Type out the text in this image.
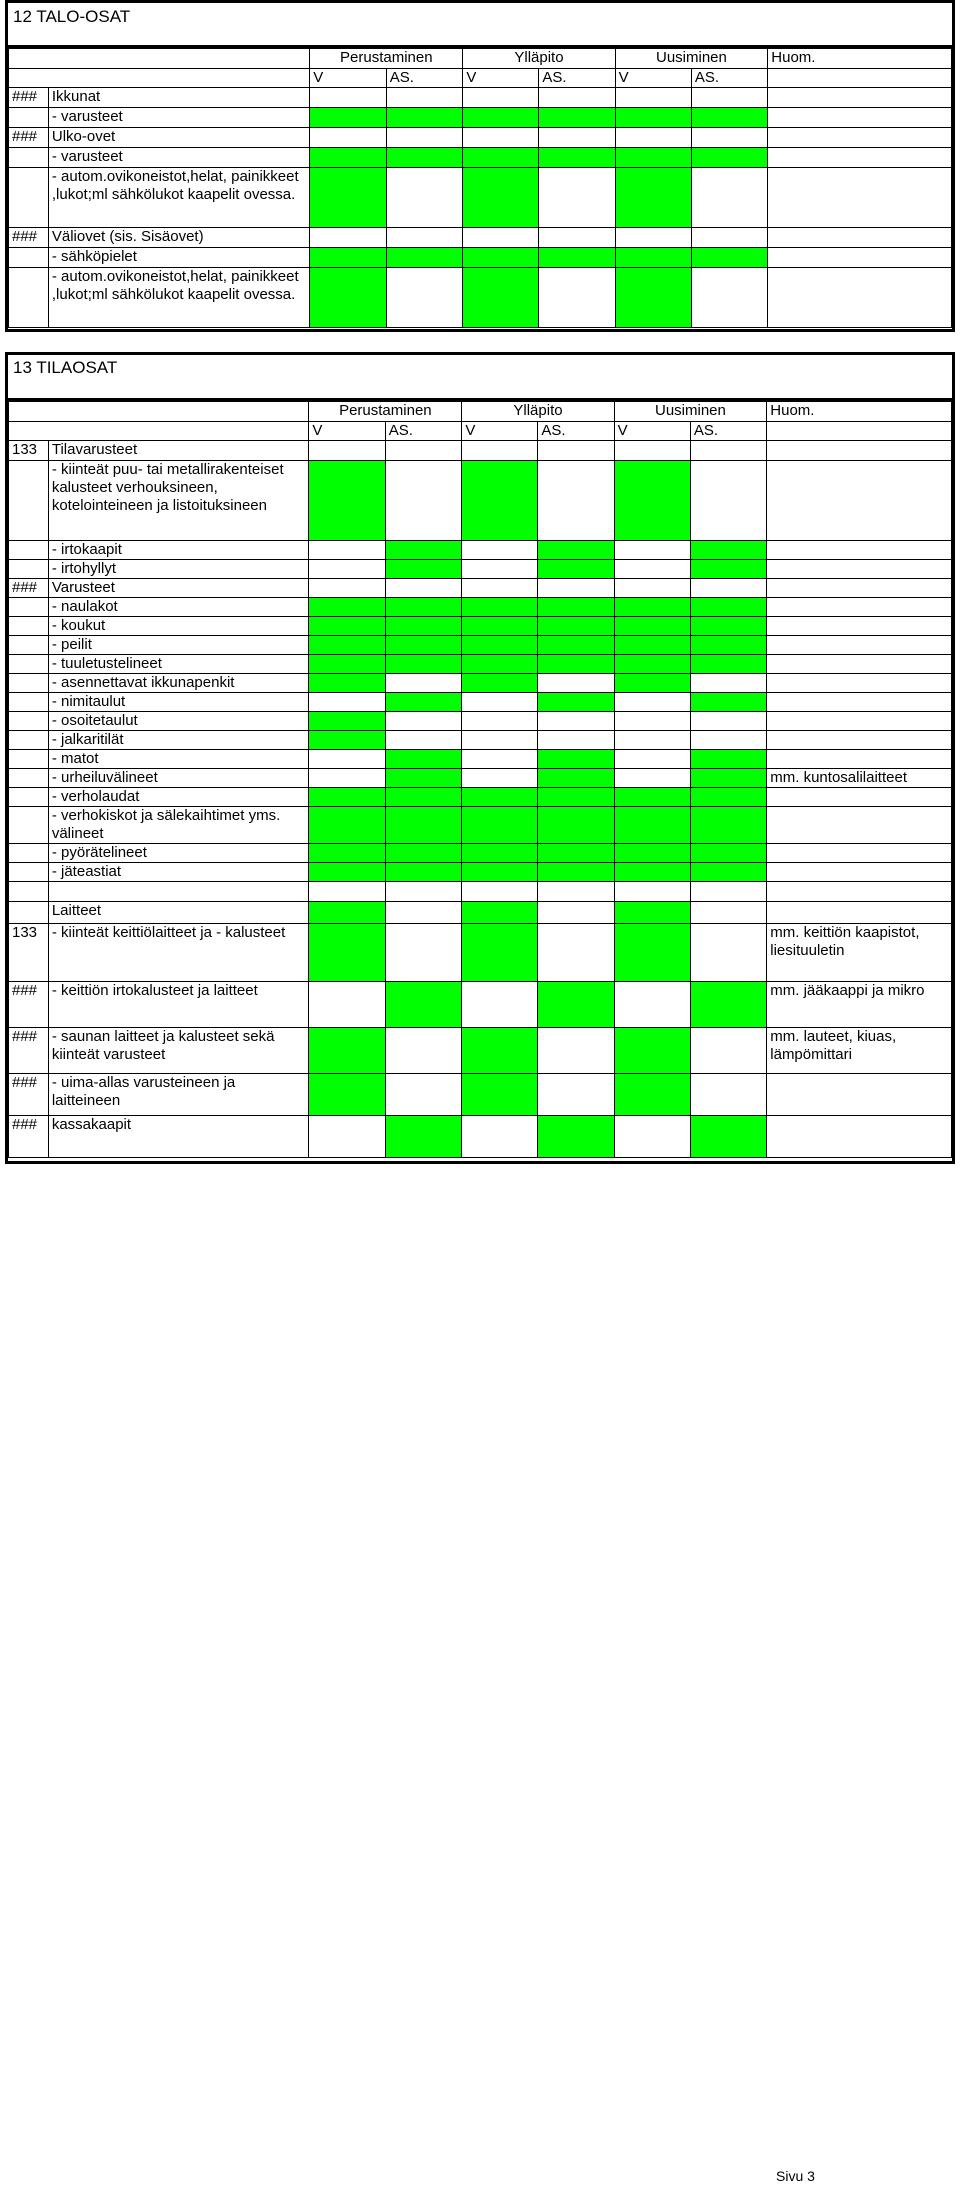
12 TALO-OSAT
		Perustaminen		Ylläpito		Uusiminen		Huom.
		V	AS.	V	AS.	V	AS.	
###	Ikkunat							
	- varusteet							
###	Ulko-ovet							
	- varusteet							
	- autom.ovikoneistot,helat, painikkeet ,lukot;ml sähkölukot kaapelit ovessa.							
###	Väliovet (sis. Sisäovet)							
	- sähköpielet							
	- autom.ovikoneistot,helat, painikkeet ,lukot;ml sähkölukot kaapelit ovessa.							
13 TILAOSAT
		Perustaminen		Ylläpito		Uusiminen		Huom.
		V	AS.	V	AS.	V	AS.	
133	Tilavarusteet							
	- kiinteät puu- tai metallirakenteiset kalusteet verhouksineen, kotelointeineen ja listoituksineen							
	- irtokaapit							
	- irtohyllyt							
###	Varusteet							
	- naulakot							
	- koukut							
	- peilit							
	- tuuletustelineet							
	- asennettavat ikkunapenkit							
	- nimitaulut							
	- osoitetaulut							
	- jalkaritilät							
	- matot							
	- urheiluvälineet							mm. kuntosalilaitteet
	- verholaudat							
	- verhokiskot ja sälekaihtimet yms. välineet							
	- pyörätelineet							
	- jäteastiat							

	Laitteet							
133	- kiinteät keittiölaitteet ja - kalusteet							mm. keittiön kaapistot, liesituuletin
###	- keittiön irtokalusteet ja laitteet							mm. jääkaappi ja mikro
###	- saunan laitteet ja kalusteet sekä kiinteät varusteet							mm. lauteet, kiuas, lämpömittari
###	- uima-allas varusteineen ja laitteineen							
###	kassakaapit							
Sivu 3
